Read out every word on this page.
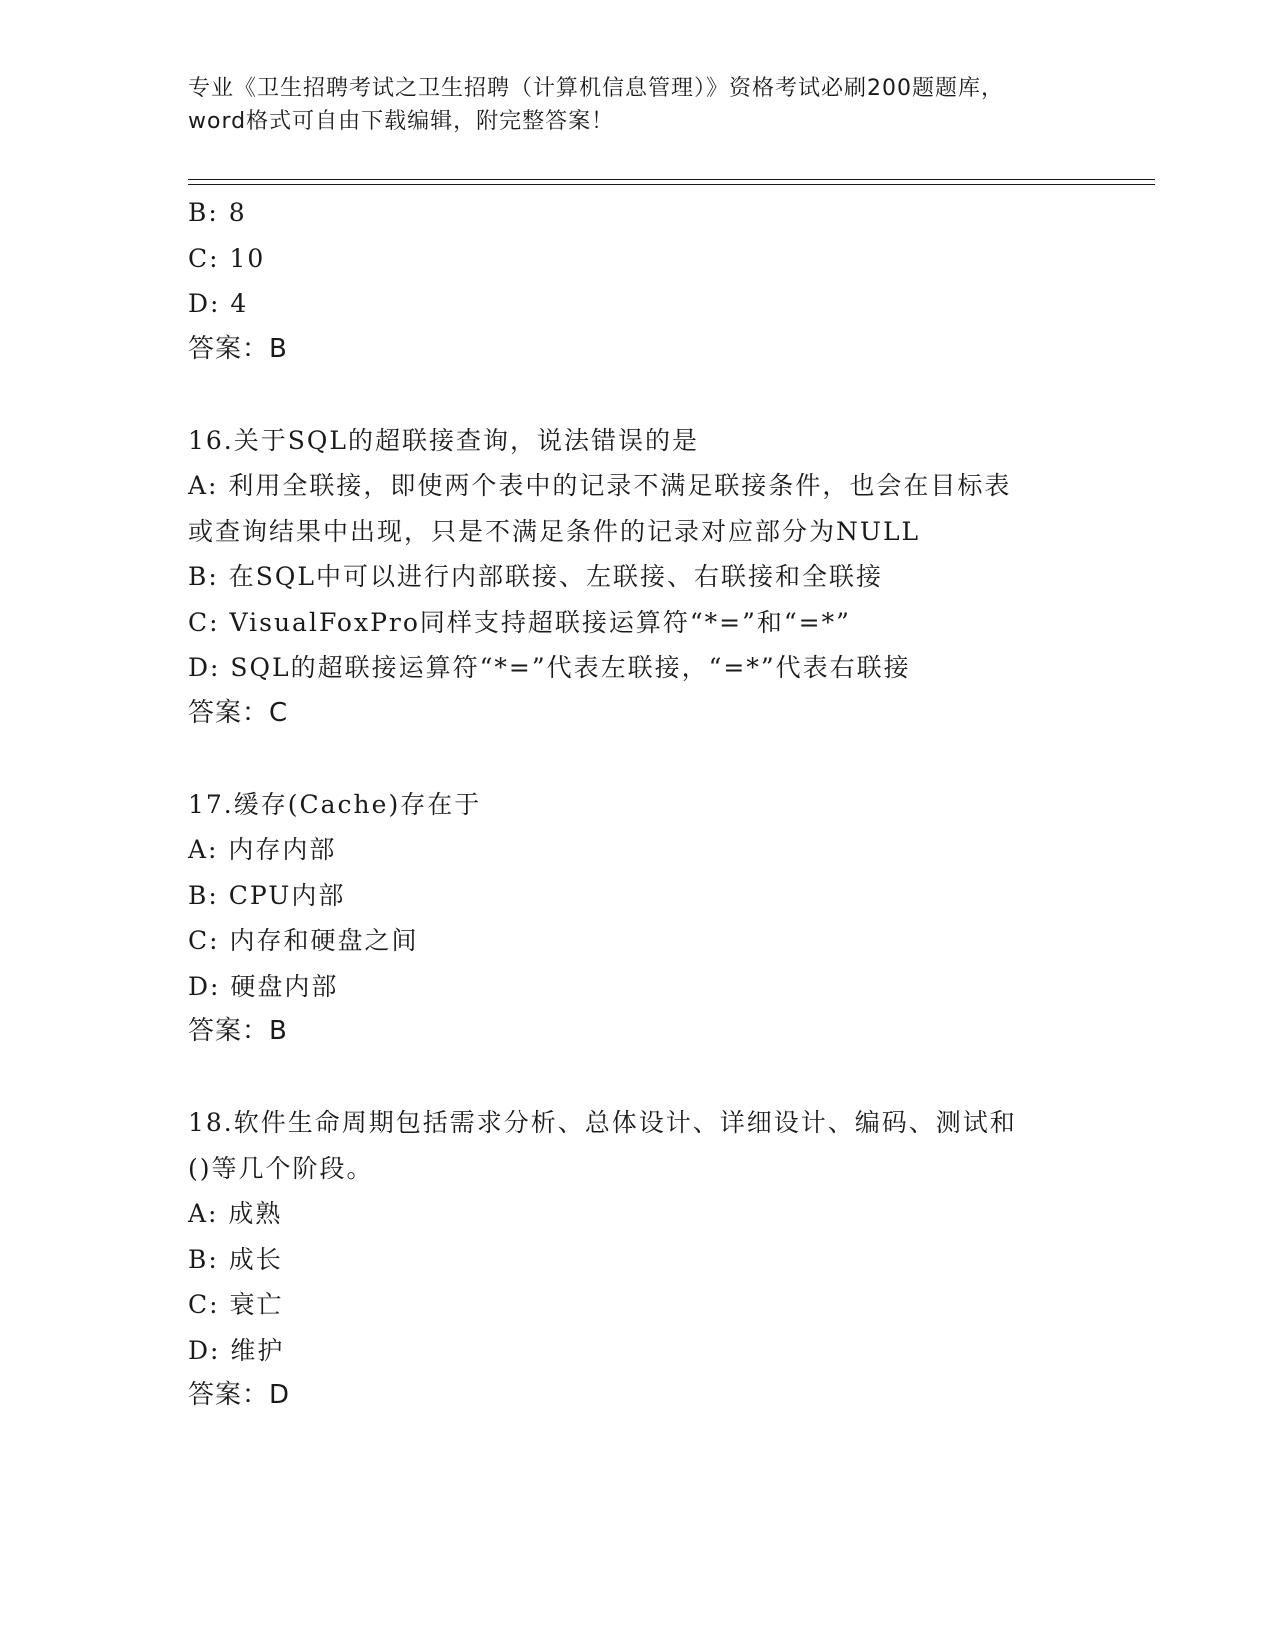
专业《卫生招聘考试之卫生招聘（计算机信息管理）》资格考试必刷200题题库，

word格式可自由下载编辑，附完整答案！

B: 8

C: 10

D: 4

答案：B

16.关于SQL的超联接查询，说法错误的是

A: 利用全联接，即使两个表中的记录不满足联接条件，也会在目标表

或查询结果中出现，只是不满足条件的记录对应部分为NULL

B: 在SQL中可以进行内部联接、左联接、右联接和全联接

C: VisualFoxPro同样支持超联接运算符“*=”和“=*”

D: SQL的超联接运算符“*=”代表左联接，“=*”代表右联接

答案：C

17.缓存(Cache)存在于

A: 内存内部

B: CPU内部

C: 内存和硬盘之间

D: 硬盘内部

答案：B

18.软件生命周期包括需求分析、总体设计、详细设计、编码、测试和

()等几个阶段。

A: 成熟

B: 成长

C: 衰亡

D: 维护

答案：D
